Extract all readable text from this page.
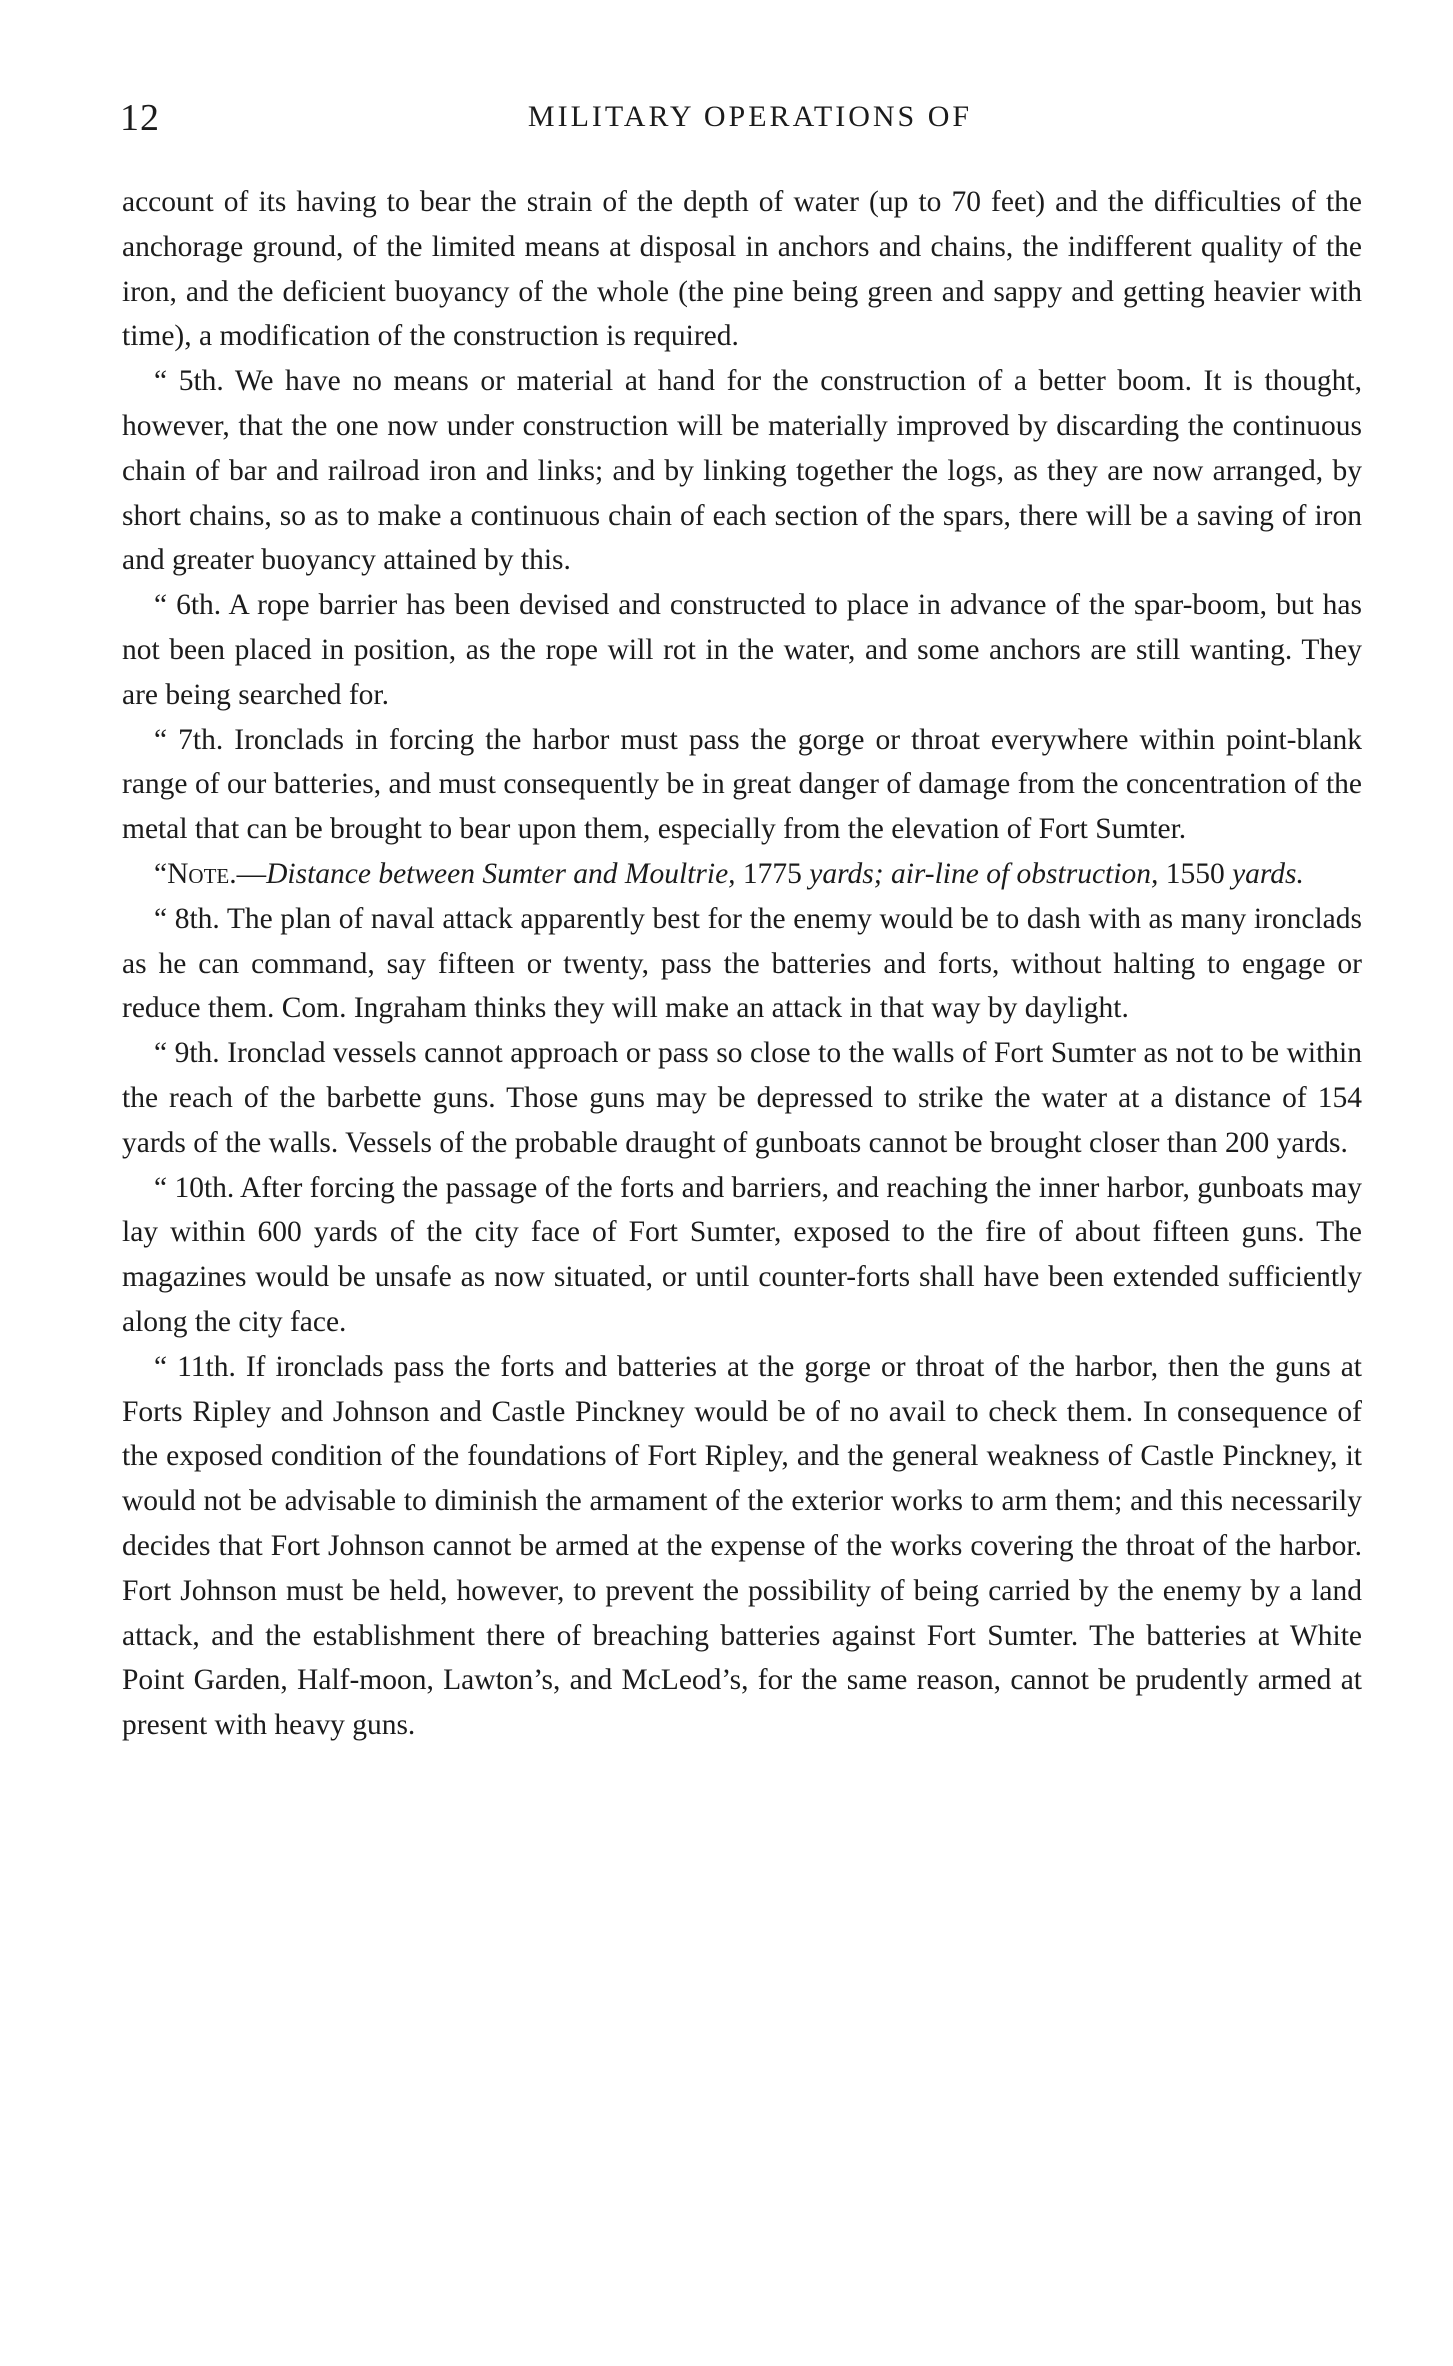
12	MILITARY OPERATIONS OF

account of its having to bear the strain of the depth of water (up to 70 feet) and the difficulties of the anchorage ground, of the limited means at disposal in anchors and chains, the indifferent quality of the iron, and the deficient buoyancy of the whole (the pine being green and sappy and getting heavier with time), a modification of the construction is required.

“ 5th. We have no means or material at hand for the construction of a better boom. It is thought, however, that the one now under construction will be materially improved by discarding the continuous chain of bar and railroad iron and links; and by linking together the logs, as they are now arranged, by short chains, so as to make a continuous chain of each section of the spars, there will be a saving of iron and greater buoyancy attained by this.

“ 6th. A rope barrier has been devised and constructed to place in advance of the spar-boom, but has not been placed in position, as the rope will rot in the water, and some anchors are still wanting. They are being searched for.

“ 7th. Ironclads in forcing the harbor must pass the gorge or throat everywhere within point-blank range of our batteries, and must consequently be in great danger of damage from the concentration of the metal that can be brought to bear upon them, especially from the elevation of Fort Sumter.

“Note.—Distance between Sumter and Moultrie, 1775 yards; air-line of obstruction, 1550 yards.

“ 8th. The plan of naval attack apparently best for the enemy would be to dash with as many ironclads as he can command, say fifteen or twenty, pass the batteries and forts, without halting to engage or reduce them. Com. Ingraham thinks they will make an attack in that way by daylight.

“ 9th. Ironclad vessels cannot approach or pass so close to the walls of Fort Sumter as not to be within the reach of the barbette guns. Those guns may be depressed to strike the water at a distance of 154 yards of the walls. Vessels of the probable draught of gunboats cannot be brought closer than 200 yards.

“ 10th. After forcing the passage of the forts and barriers, and reaching the inner harbor, gunboats may lay within 600 yards of the city face of Fort Sumter, exposed to the fire of about fifteen guns. The magazines would be unsafe as now situated, or until counter-forts shall have been extended sufficiently along the city face.

“ 11th. If ironclads pass the forts and batteries at the gorge or throat of the harbor, then the guns at Forts Ripley and Johnson and Castle Pinckney would be of no avail to check them. In consequence of the exposed condition of the foundations of Fort Ripley, and the general weakness of Castle Pinckney, it would not be advisable to diminish the armament of the exterior works to arm them; and this necessarily decides that Fort Johnson cannot be armed at the expense of the works covering the throat of the harbor. Fort Johnson must be held, however, to prevent the possibility of being carried by the enemy by a land attack, and the establishment there of breaching batteries against Fort Sumter. The batteries at White Point Garden, Half-moon, Lawton’s, and McLeod’s, for the same reason, cannot be prudently armed at present with heavy guns.
